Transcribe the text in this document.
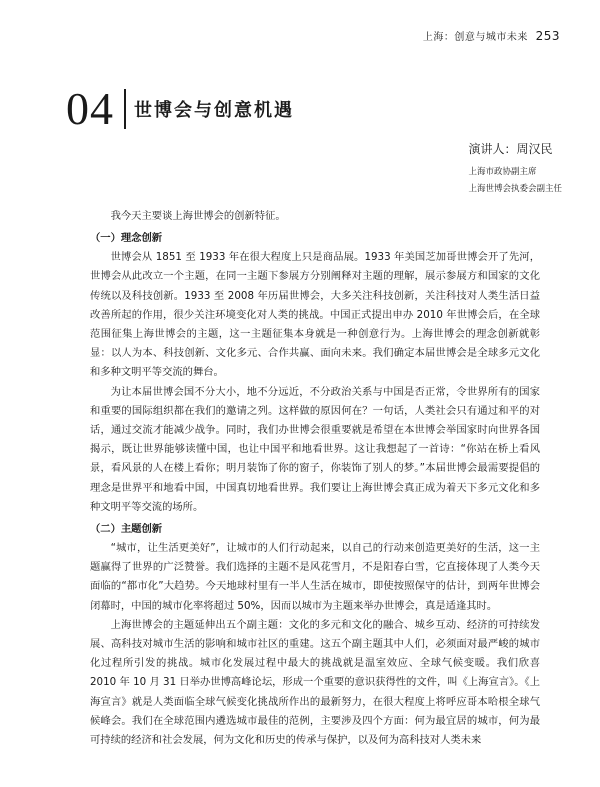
上海：创意与城市未来 253
04 世博会与创意机遇
演讲人：周汉民
上海市政协副主席
上海世博会执委会副主任

我今天主要谈上海世博会的创新特征。

（一）理念创新

世博会从 1851 至 1933 年在很大程度上只是商品展。1933 年美国芝加哥世博会开了先河，世博会从此改立一个主题，在同一主题下参展方分别阐释对主题的理解，展示参展方和国家的文化传统以及科技创新。1933 至 2008 年历届世博会，大多关注科技创新，关注科技对人类生活日益改善所起的作用，很少关注环境变化对人类的挑战。中国正式提出申办 2010 年世博会后，在全球范围征集上海世博会的主题，这一主题征集本身就是一种创意行为。上海世博会的理念创新就彰显：以人为本、科技创新、文化多元、合作共赢、面向未来。我们确定本届世博会是全球多元文化和多种文明平等交流的舞台。

为让本届世博会国不分大小，地不分远近，不分政治关系与中国是否正常，令世界所有的国家和重要的国际组织都在我们的邀请之列。这样做的原因何在？一句话，人类社会只有通过和平的对话，通过交流才能减少战争。同时，我们办世博会很重要就是希望在本世博会举国家时向世界各国揭示，既让世界能够读懂中国，也让中国平和地看世界。这让我想起了一首诗：“你站在桥上看风景，看风景的人在楼上看你；明月装饰了你的窗子，你装饰了别人的梦。”本届世博会最需要提倡的理念是世界平和地看中国，中国真切地看世界。我们要让上海世博会真正成为着天下多元文化和多种文明平等交流的场所。

（二）主题创新

“城市，让生活更美好”，让城市的人们行动起来，以自己的行动来创造更美好的生活，这一主题赢得了世界的广泛赞誉。我们选择的主题不是风花雪月，不是阳春白雪，它直接体现了人类今天面临的“都市化”大趋势。今天地球村里有一半人生活在城市，即使按照保守的估计，到两年世博会闭幕时，中国的城市化率将超过 50%，因而以城市为主题来举办世博会，真是适逢其时。

上海世博会的主题延伸出五个副主题：文化的多元和文化的融合、城乡互动、经济的可持续发展、高科技对城市生活的影响和城市社区的重建。这五个副主题其中人们，必须面对最严峻的城市化过程所引发的挑战。城市化发展过程中最大的挑战就是温室效应、全球气候变暖。我们欣喜 2010 年 10 月 31 日举办世博高峰论坛，形成一个重要的意识获得性的文件，叫《上海宣言》。《上海宣言》就是人类面临全球气候变化挑战所作出的最新努力，在很大程度上将呼应哥本哈根全球气候峰会。我们在全球范围内遴选城市最佳的范例，主要涉及四个方面：何为最宜居的城市，何为最可持续的经济和社会发展，何为文化和历史的传承与保护，以及何为高科技对人类未来
